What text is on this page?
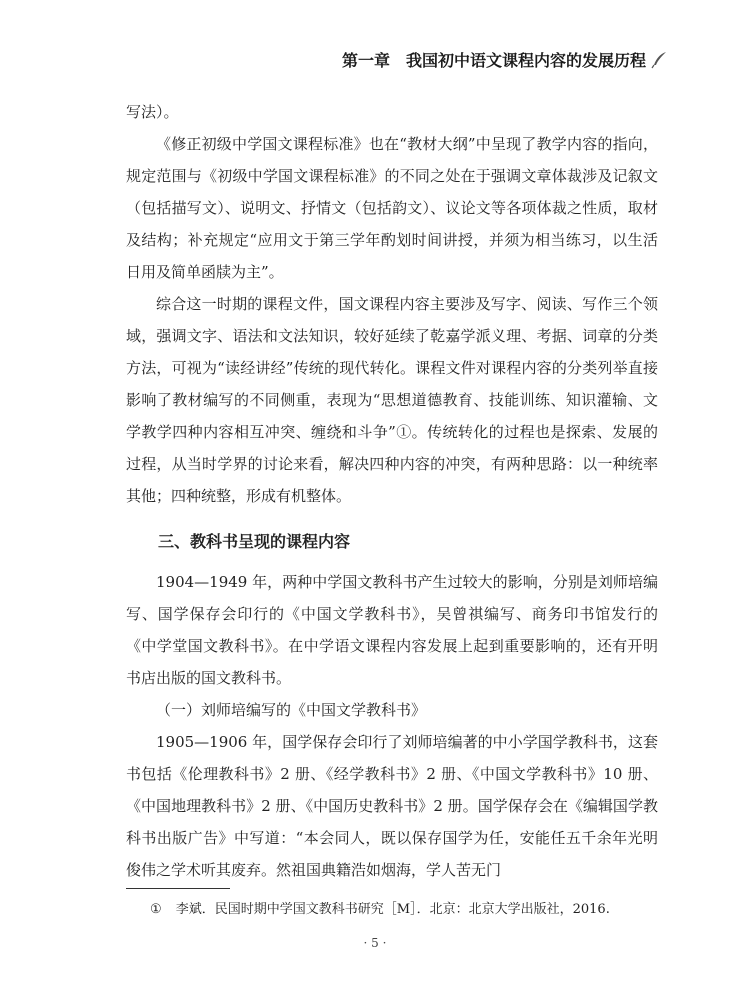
第一章　我国初中语文课程内容的发展历程

写法）。

《修正初级中学国文课程标准》也在“教材大纲”中呈现了教学内容的指向，规定范围与《初级中学国文课程标准》的不同之处在于强调文章体裁涉及记叙文（包括描写文）、说明文、抒情文（包括韵文）、议论文等各项体裁之性质，取材及结构；补充规定“应用文于第三学年酌划时间讲授，并须为相当练习，以生活日用及简单函牍为主”。

综合这一时期的课程文件，国文课程内容主要涉及写字、阅读、写作三个领域，强调文字、语法和文法知识，较好延续了乾嘉学派义理、考据、词章的分类方法，可视为“读经讲经”传统的现代转化。课程文件对课程内容的分类列举直接影响了教材编写的不同侧重，表现为“思想道德教育、技能训练、知识灌输、文学教学四种内容相互冲突、缠绕和斗争”①。传统转化的过程也是探索、发展的过程，从当时学界的讨论来看，解决四种内容的冲突，有两种思路：以一种统率其他；四种统整，形成有机整体。

三、教科书呈现的课程内容

1904—1949 年，两种中学国文教科书产生过较大的影响，分别是刘师培编写、国学保存会印行的《中国文学教科书》，吴曾祺编写、商务印书馆发行的《中学堂国文教科书》。在中学语文课程内容发展上起到重要影响的，还有开明书店出版的国文教科书。

（一）刘师培编写的《中国文学教科书》

1905—1906 年，国学保存会印行了刘师培编著的中小学国学教科书，这套书包括《伦理教科书》2 册、《经学教科书》2 册、《中国文学教科书》10 册、《中国地理教科书》2 册、《中国历史教科书》2 册。国学保存会在《编辑国学教科书出版广告》中写道：“本会同人，既以保存国学为任，安能任五千余年光明俊伟之学术听其废弃。然祖国典籍浩如烟海，学人苦无门

① 李斌．民国时期中学国文教科书研究［M］．北京：北京大学出版社，2016.
· 5 ·
